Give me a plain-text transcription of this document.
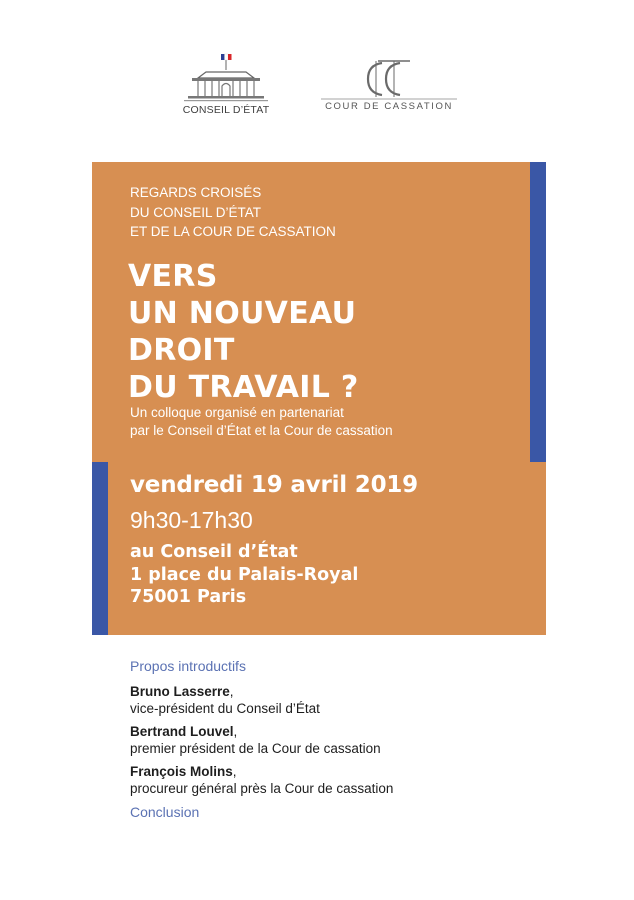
CONSEIL D’ÉTAT	COUR DE CASSATION
REGARDS CROISÉS
DU CONSEIL D’ÉTAT
ET DE LA COUR DE CASSATION
VERS
UN NOUVEAU
DROIT
DU TRAVAIL ?
Un colloque organisé en partenariat
par le Conseil d’État et la Cour de cassation
vendredi 19 avril 2019
9h30-17h30
au Conseil d’État
1 place du Palais-Royal
75001 Paris
Propos introductifs
Bruno Lasserre,
vice-président du Conseil d’État
Bertrand Louvel,
premier président de la Cour de cassation
François Molins,
procureur général près la Cour de cassation
Conclusion
